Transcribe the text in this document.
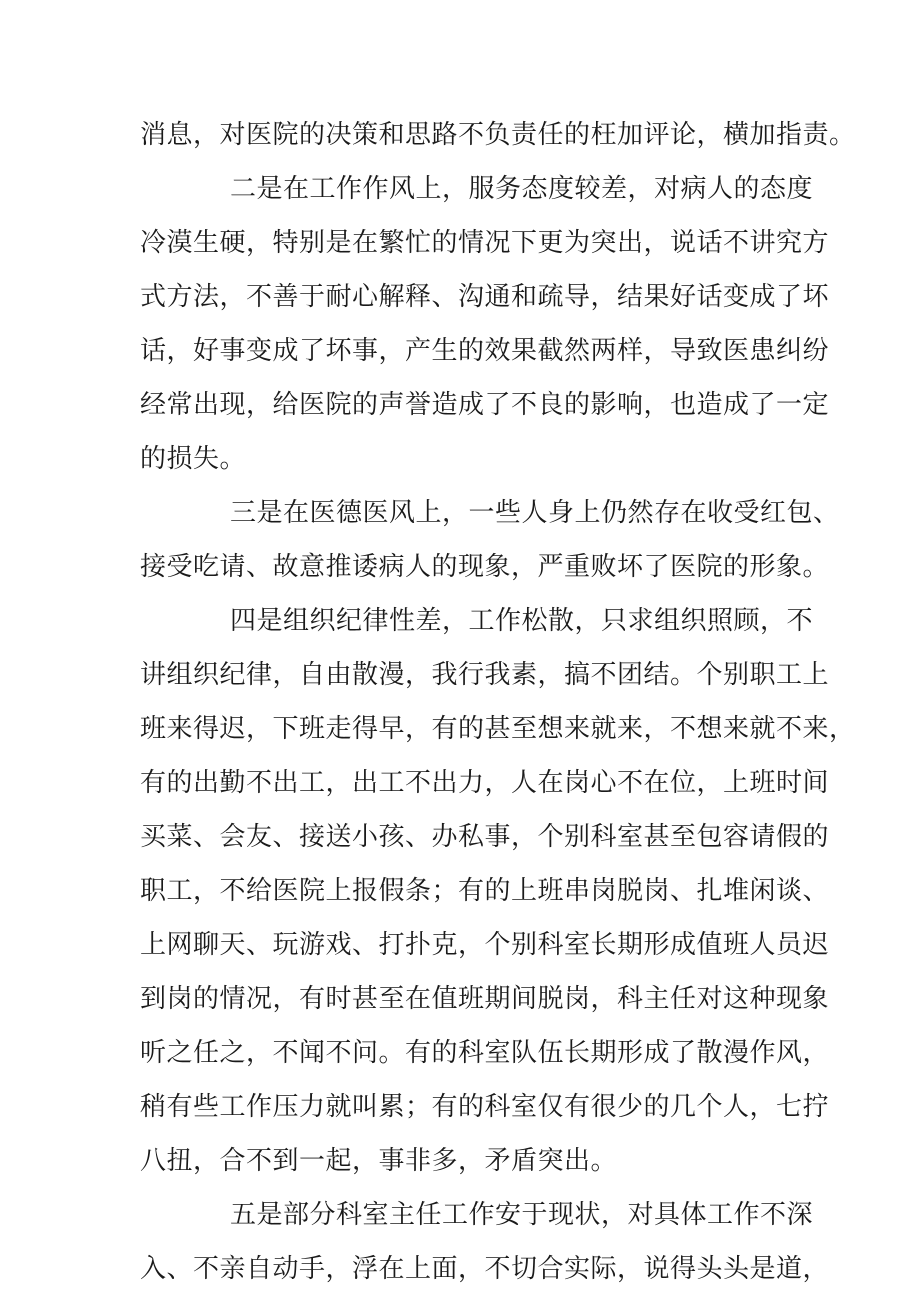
消息，对医院的决策和思路不负责任的枉加评论，横加指责。
二是在工作作风上，服务态度较差，对病人的态度
冷漠生硬，特别是在繁忙的情况下更为突出，说话不讲究方
式方法，不善于耐心解释、沟通和疏导，结果好话变成了坏
话，好事变成了坏事，产生的效果截然两样，导致医患纠纷
经常出现，给医院的声誉造成了不良的影响，也造成了一定
的损失。
三是在医德医风上，一些人身上仍然存在收受红包、
接受吃请、故意推诿病人的现象，严重败坏了医院的形象。
四是组织纪律性差，工作松散，只求组织照顾，不
讲组织纪律，自由散漫，我行我素，搞不团结。个别职工上
班来得迟，下班走得早，有的甚至想来就来，不想来就不来，
有的出勤不出工，出工不出力，人在岗心不在位，上班时间
买菜、会友、接送小孩、办私事，个别科室甚至包容请假的
职工，不给医院上报假条；有的上班串岗脱岗、扎堆闲谈、
上网聊天、玩游戏、打扑克，个别科室长期形成值班人员迟
到岗的情况，有时甚至在值班期间脱岗，科主任对这种现象
听之任之，不闻不问。有的科室队伍长期形成了散漫作风，
稍有些工作压力就叫累；有的科室仅有很少的几个人，七拧
八扭，合不到一起，事非多，矛盾突出。
五是部分科室主任工作安于现状，对具体工作不深
入、不亲自动手，浮在上面，不切合实际，说得头头是道，
